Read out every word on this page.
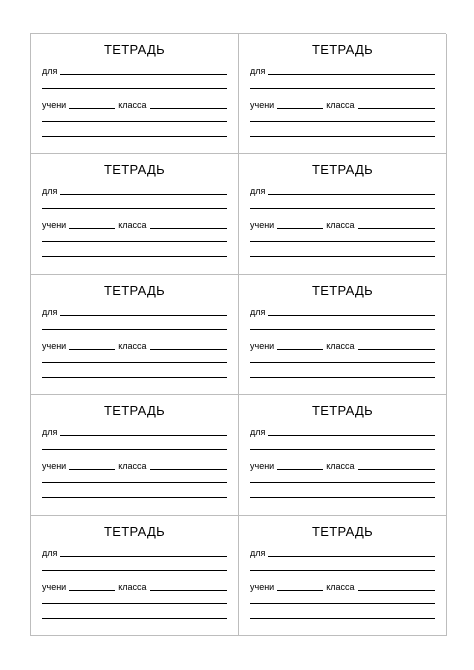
ТЕТРАДЬ
для
учени	класса
ТЕТРАДЬ
для
учени	класса
ТЕТРАДЬ
для
учени	класса
ТЕТРАДЬ
для
учени	класса
ТЕТРАДЬ
для
учени	класса
ТЕТРАДЬ
для
учени	класса
ТЕТРАДЬ
для
учени	класса
ТЕТРАДЬ
для
учени	класса
ТЕТРАДЬ
для
учени	класса
ТЕТРАДЬ
для
учени	класса
